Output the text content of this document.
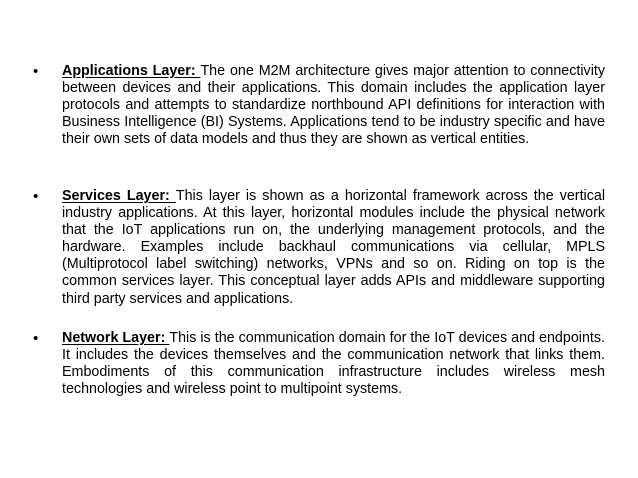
• Applications Layer: The one M2M architecture gives major attention to connectivity between devices and their applications. This domain includes the application layer protocols and attempts to standardize northbound API definitions for interaction with Business Intelligence (BI) Systems. Applications tend to be industry specific and have their own sets of data models and thus they are shown as vertical entities.

• Services Layer: This layer is shown as a horizontal framework across the vertical industry applications. At this layer, horizontal modules include the physical network that the IoT applications run on, the underlying management protocols, and the hardware. Examples include backhaul communications via cellular, MPLS (Multiprotocol label switching) networks, VPNs and so on. Riding on top is the common services layer. This conceptual layer adds APIs and middleware supporting third party services and applications.

• Network Layer: This is the communication domain for the IoT devices and endpoints. It includes the devices themselves and the communication network that links them. Embodiments of this communication infrastructure includes wireless mesh technologies and wireless point to multipoint systems.
